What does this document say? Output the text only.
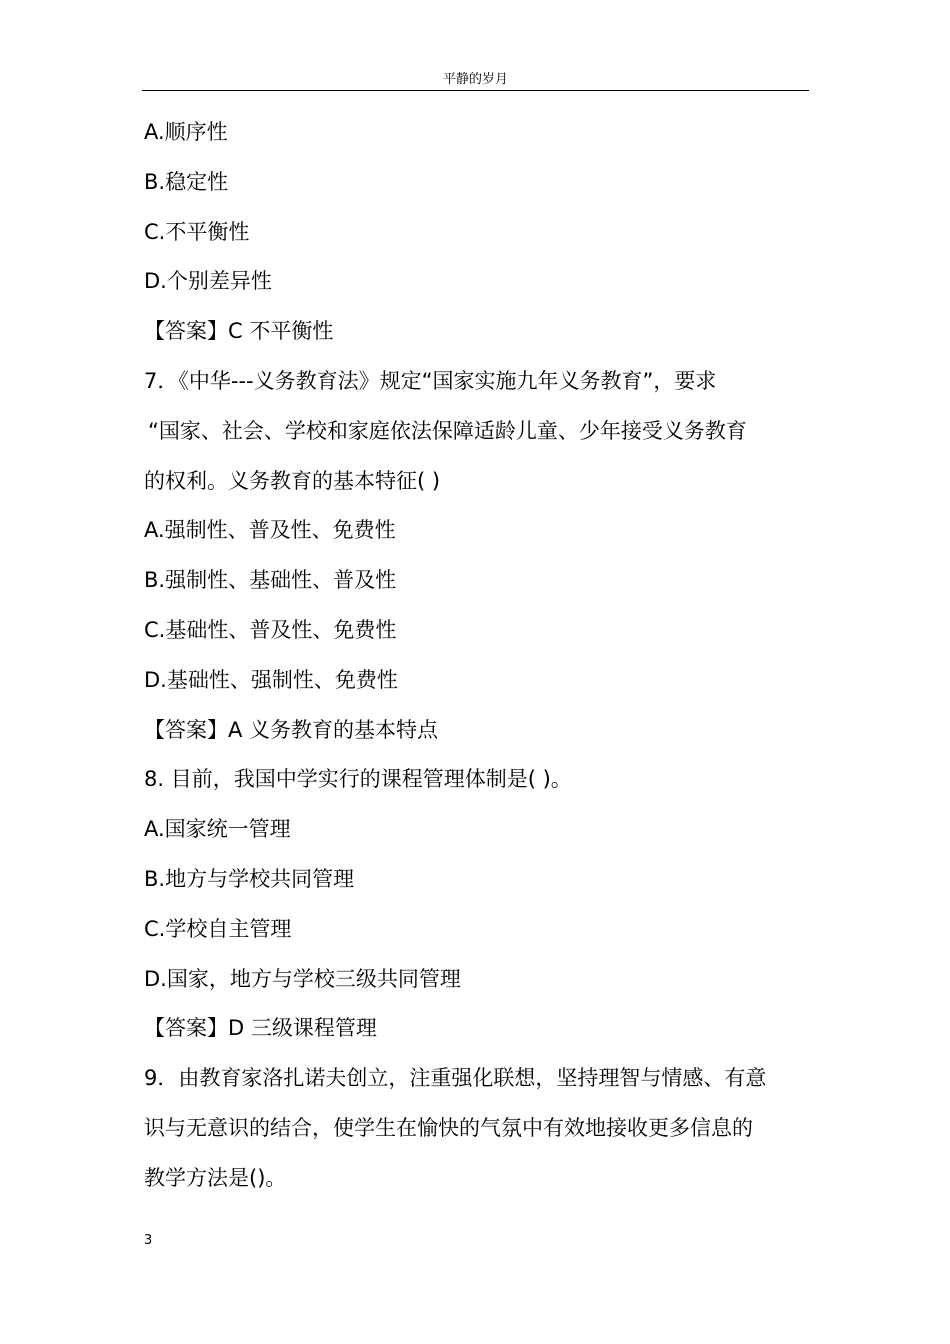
平静的岁月
A.顺序性
B.稳定性
C.不平衡性
D.个别差异性
【答案】C 不平衡性
7．《中华---义务教育法》规定“国家实施九年义务教育”，要求
“国家、社会、学校和家庭依法保障适龄儿童、少年接受义务教育
的权利。义务教育的基本特征( )
A.强制性、普及性、免费性
B.强制性、基础性、普及性
C.基础性、普及性、免费性
D.基础性、强制性、免费性
【答案】A 义务教育的基本特点
8. 目前，我国中学实行的课程管理体制是( )。
A.国家统一管理
B.地方与学校共同管理
C.学校自主管理
D.国家，地方与学校三级共同管理
【答案】D 三级课程管理
9．由教育家洛扎诺夫创立，注重强化联想，坚持理智与情感、有意
识与无意识的结合，使学生在愉快的气氛中有效地接收更多信息的
教学方法是()。
3
